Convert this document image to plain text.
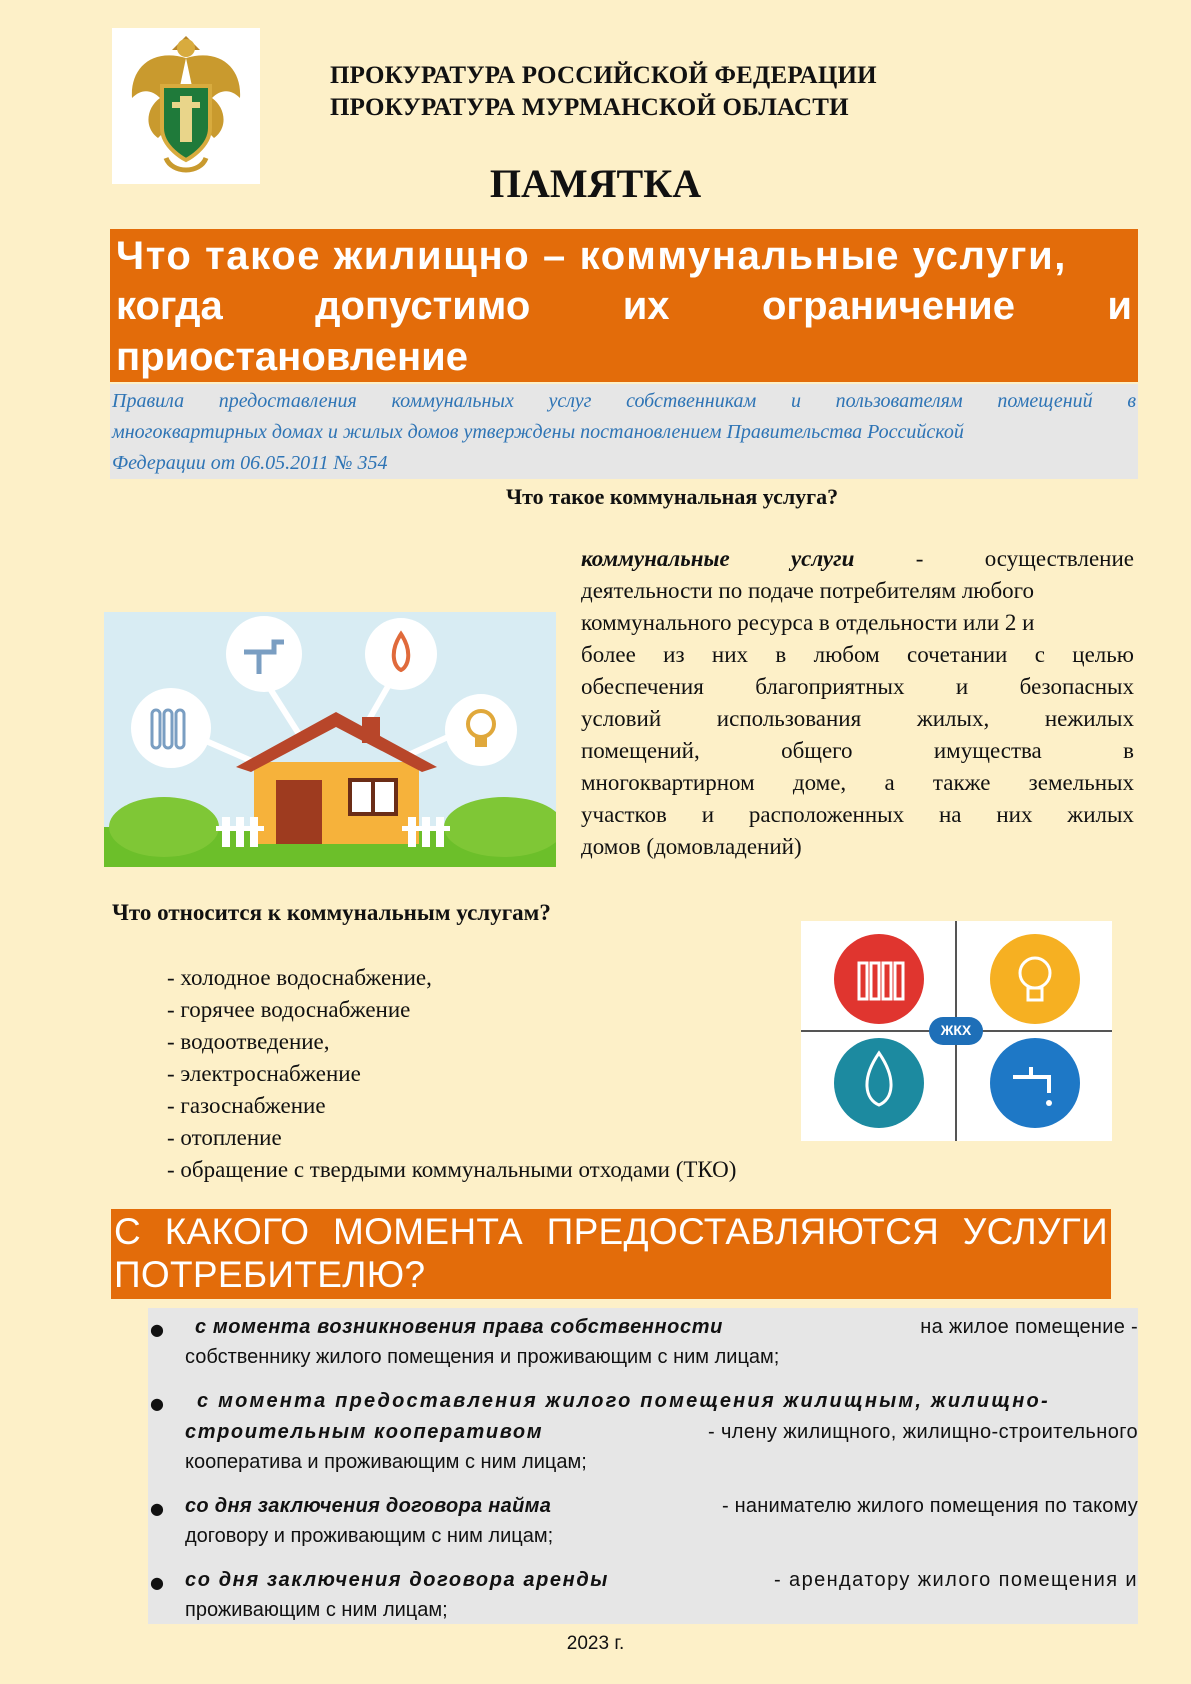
ПРОКУРАТУРА РОССИЙСКОЙ ФЕДЕРАЦИИ
ПРОКУРАТУРА МУРМАНСКОЙ ОБЛАСТИ
ПАМЯТКА
Что такое жилищно – коммунальные услуги,
когда допустимо их ограничение и
приостановление
Правила предоставления коммунальных услуг собственникам и пользователям помещений в
многоквартирных домах и жилых домов утверждены постановлением Правительства Российской
Федерации от 06.05.2011 № 354
Что такое коммунальная услуга?
коммунальные	услуги	-	осуществление
деятельности по подаче потребителям любого
коммунального ресурса в отдельности или 2 и
более из них в любом сочетании с целью
обеспечения благоприятных и безопасных
условий использования жилых, нежилых
помещений,	общего	имущества	в
многоквартирном доме, а также земельных
участков и расположенных на них жилых
домов (домовладений)
Что относится к коммунальным услугам?
- холодное водоснабжение,
- горячее водоснабжение
- водоотведение,
- электроснабжение
- газоснабжение
- отопление
- обращение с твердыми коммунальными отходами (ТКО)
ЖКХ
С КАКОГО МОМЕНТА ПРЕДОСТАВЛЯЮТСЯ УСЛУГИ
ПОТРЕБИТЕЛЮ?
●	с момента возникновения права собственности	на жилое помещение -
собственнику жилого помещения и проживающим с ним лицам;
●	с момента предоставления жилого помещения жилищным, жилищно-
строительным кооперативом	- члену жилищного, жилищно-строительного
кооператива и проживающим с ним лицам;
● со дня заключения договора найма	- нанимателю жилого помещения по такому
договору и проживающим с ним лицам;
● со дня заключения договора аренды	- арендатору жилого помещения и
проживающим с ним лицам;
2023 г.
